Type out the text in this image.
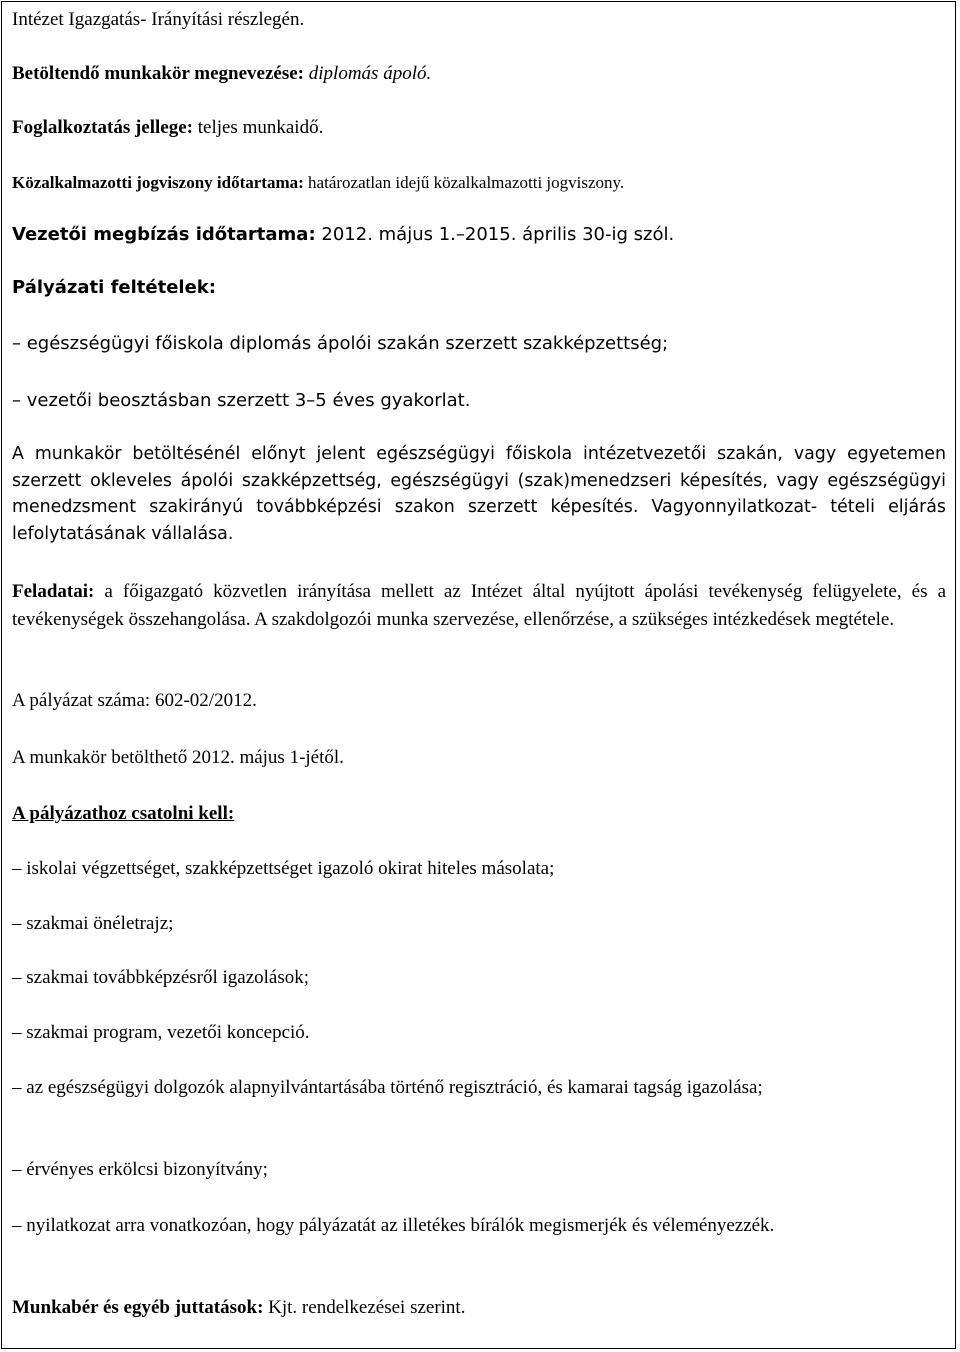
Intézet Igazgatás- Irányítási részlegén.
Betöltendő munkakör megnevezése: diplomás ápoló.
Foglalkoztatás jellege: teljes munkaidő.
Közalkalmazotti jogviszony időtartama: határozatlan idejű közalkalmazotti jogviszony.
Vezetői megbízás időtartama: 2012. május 1.–2015. április 30-ig szól.
Pályázati feltételek:
– egészségügyi főiskola diplomás ápolói szakán szerzett szakképzettség;
– vezetői beosztásban szerzett 3–5 éves gyakorlat.
A munkakör betöltésénél előnyt jelent egészségügyi főiskola intézetvezetői szakán, vagy egyetemen szerzett okleveles ápolói szakképzettség, egészségügyi (szak)menedzseri képesítés, vagy egészségügyi menedzsment szakirányú továbbképzési szakon szerzett képesítés. Vagyonnyilatkozat- tételi eljárás lefolytatásának vállalása.
Feladatai: a főigazgató közvetlen irányítása mellett az Intézet által nyújtott ápolási tevékenység felügyelete, és a tevékenységek összehangolása. A szakdolgozói munka szervezése, ellenőrzése, a szükséges intézkedések megtétele.
A pályázat száma: 602-02/2012.
A munkakör betölthető 2012. május 1-jétől.
A pályázathoz csatolni kell:
– iskolai végzettséget, szakképzettséget igazoló okirat hiteles másolata;
– szakmai önéletrajz;
– szakmai továbbképzésről igazolások;
– szakmai program, vezetői koncepció.
– az egészségügyi dolgozók alapnyilvántartásába történő regisztráció, és kamarai tagság igazolása;
– érvényes erkölcsi bizonyítvány;
– nyilatkozat arra vonatkozóan, hogy pályázatát az illetékes bírálók megismerjék és véleményezzék.
Munkabér és egyéb juttatások: Kjt. rendelkezései szerint.
